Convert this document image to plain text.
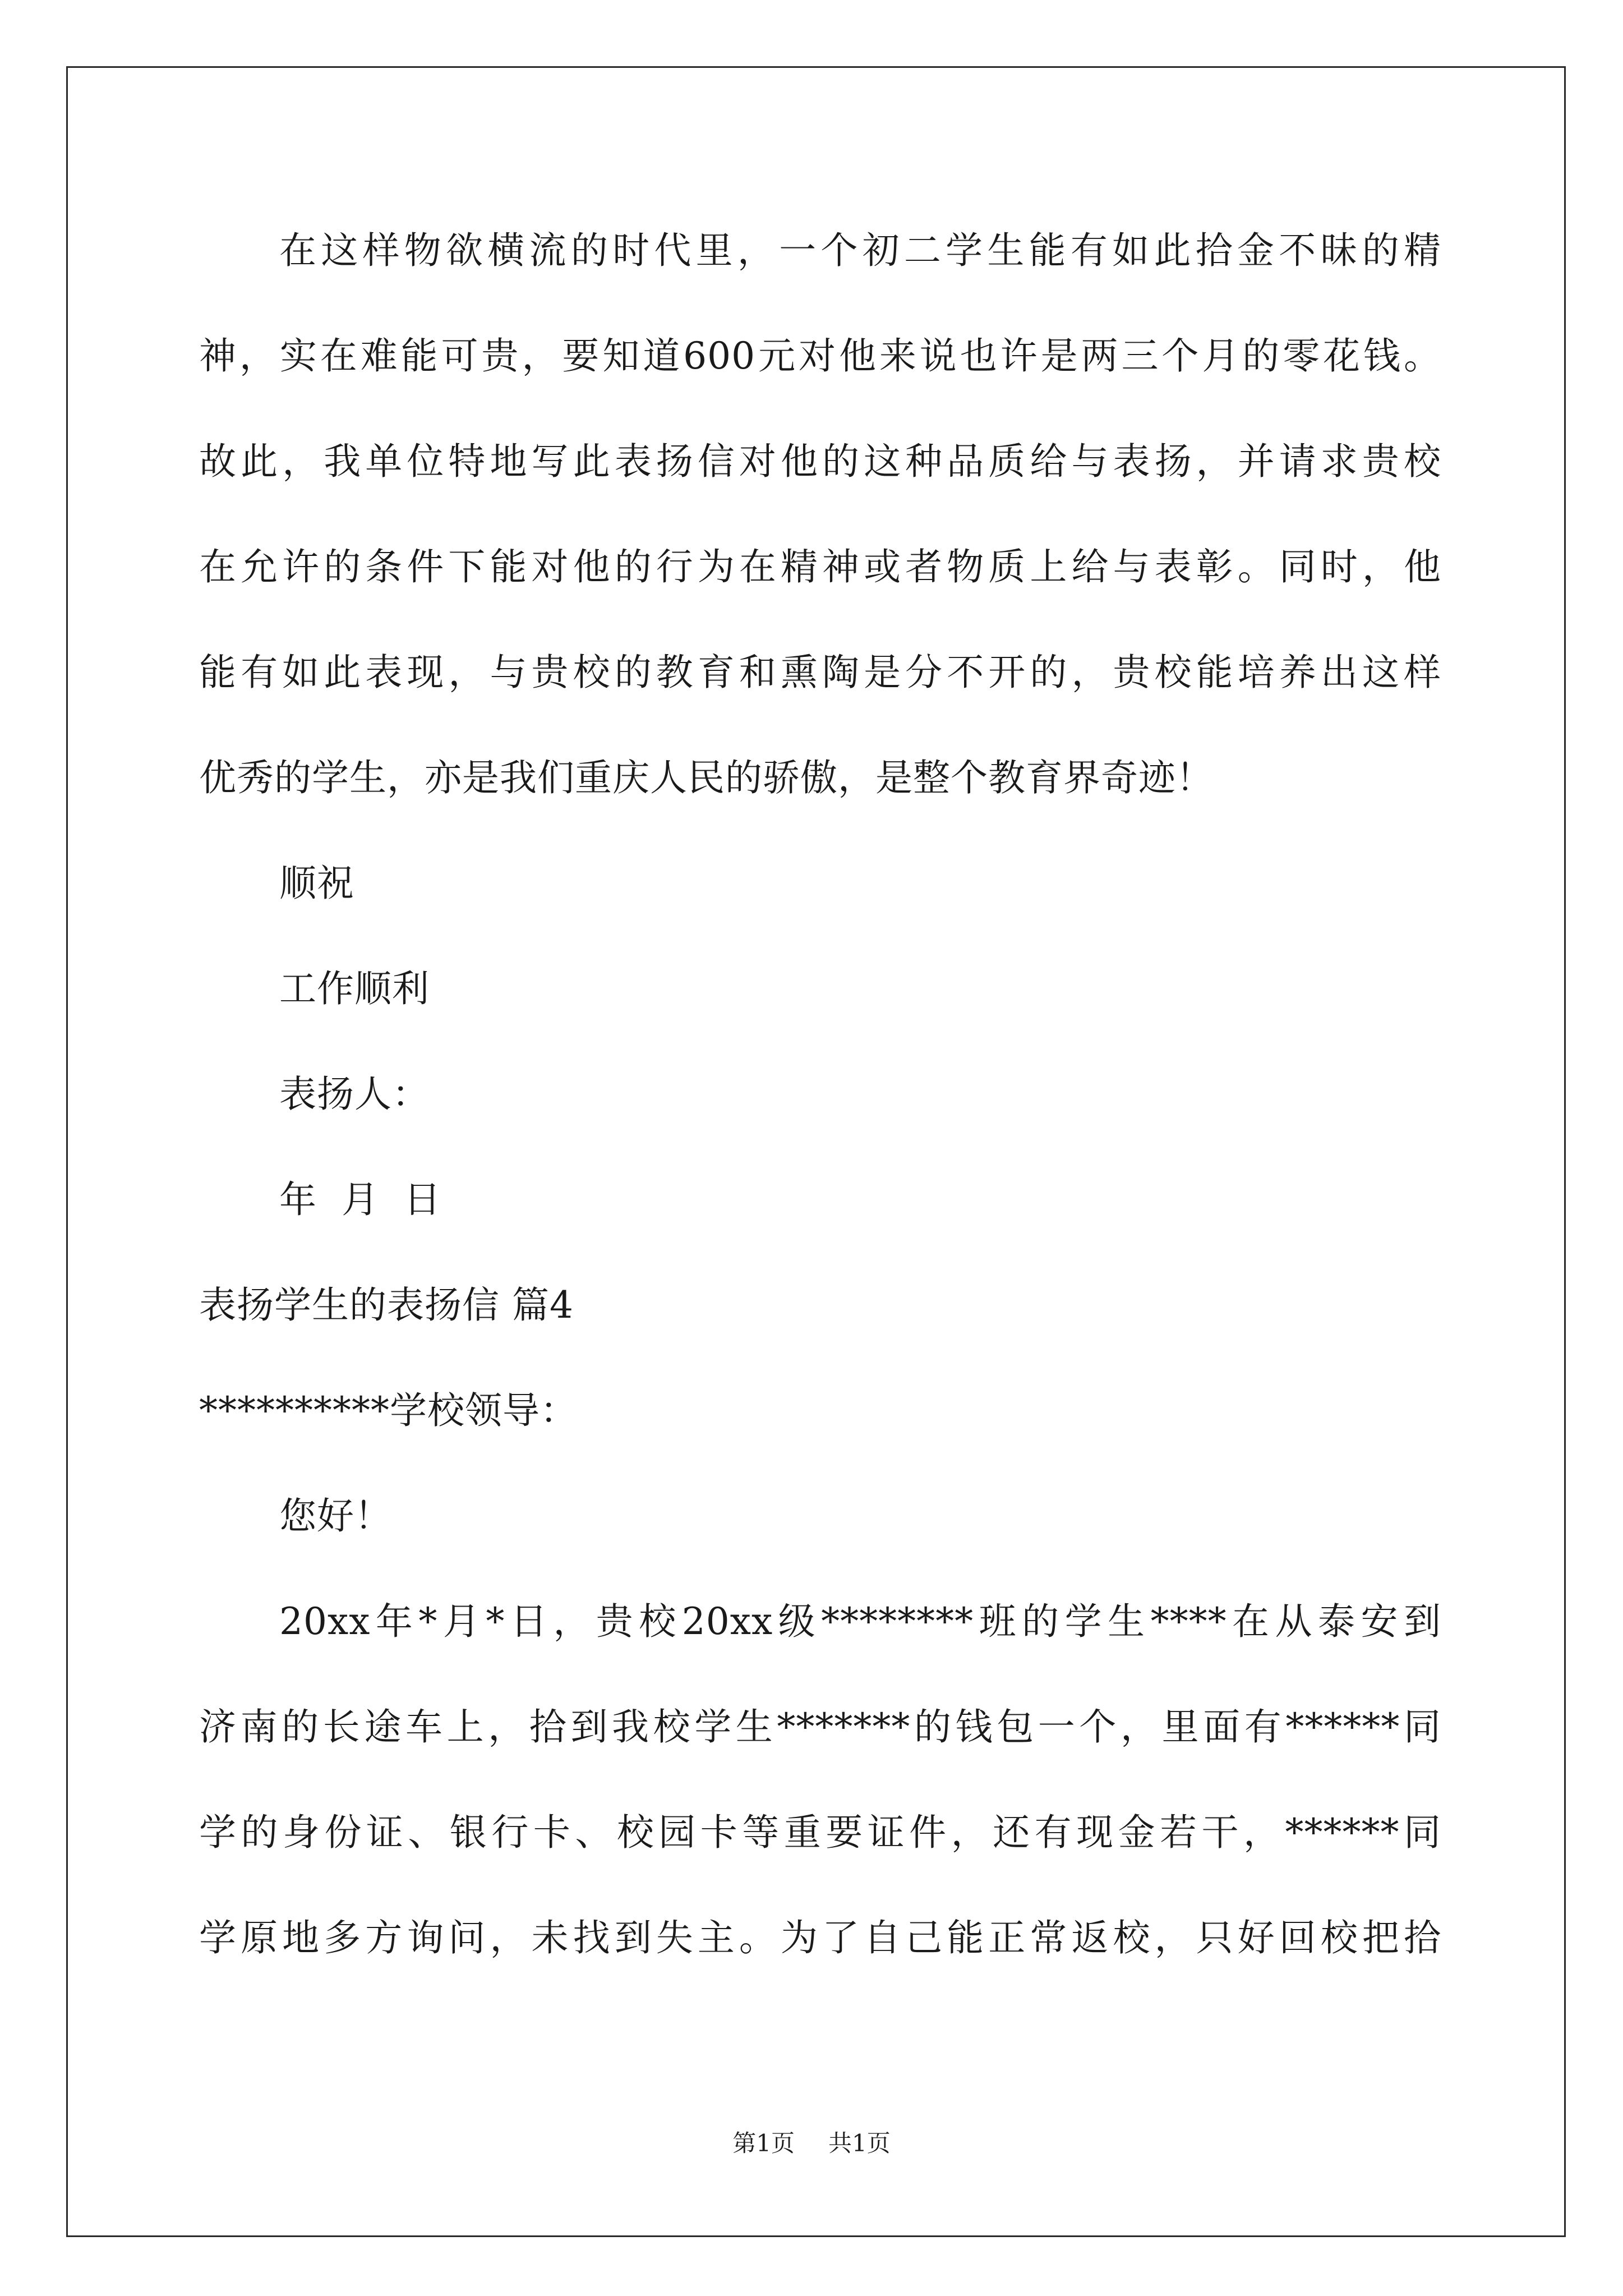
在这样物欲横流的时代里，一个初二学生能有如此拾金不昧的精
神，实在难能可贵，要知道600元对他来说也许是两三个月的零花钱。
故此，我单位特地写此表扬信对他的这种品质给与表扬，并请求贵校
在允许的条件下能对他的行为在精神或者物质上给与表彰。同时，他
能有如此表现，与贵校的教育和熏陶是分不开的，贵校能培养出这样
优秀的学生，亦是我们重庆人民的骄傲，是整个教育界奇迹！
顺祝
工作顺利
表扬人：
年  月  日
表扬学生的表扬信 篇4
**********学校领导：
您好！
20xx年*月*日，贵校20xx级********班的学生****在从泰安到
济南的长途车上，拾到我校学生*******的钱包一个，里面有******同
学的身份证、银行卡、校园卡等重要证件，还有现金若干，******同
学原地多方询问，未找到失主。为了自己能正常返校，只好回校把拾
第1页 共1页
